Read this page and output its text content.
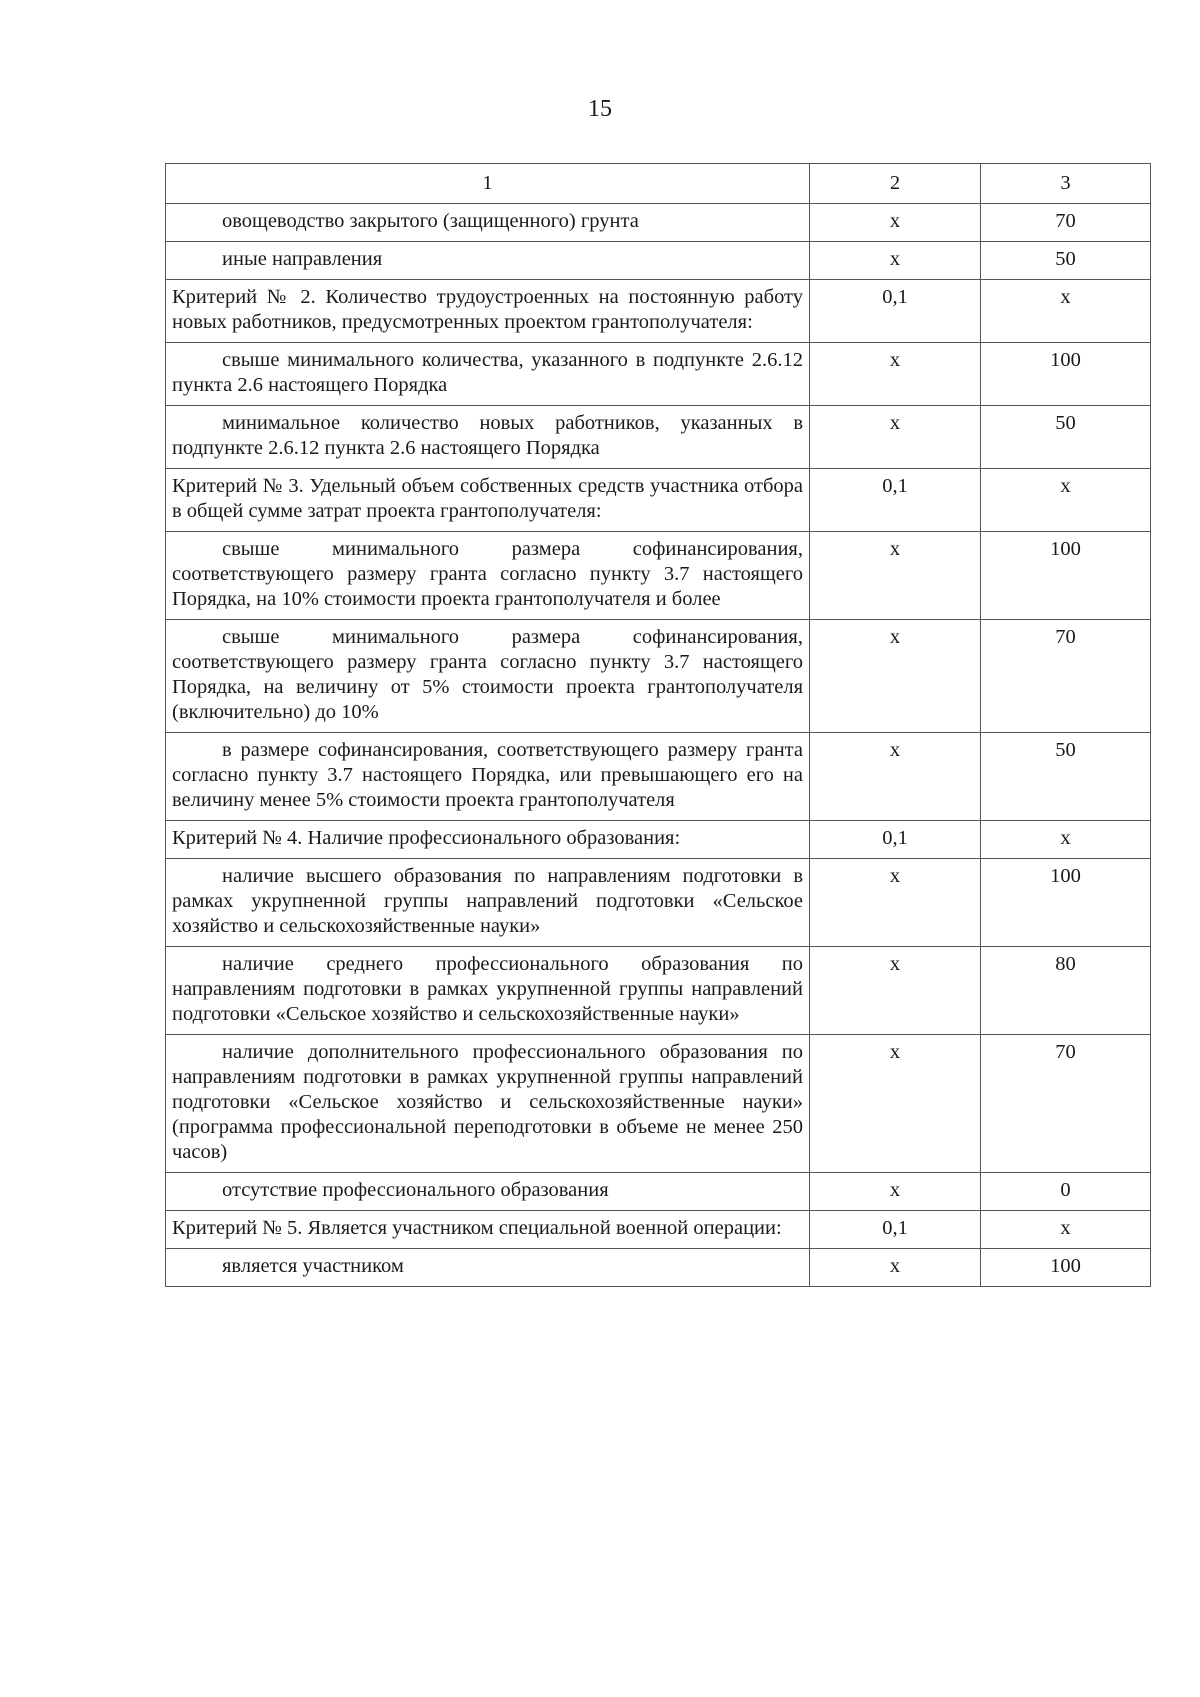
15
1	2	3
овощеводство закрытого (защищенного) грунта	х	70
иные направления	х	50
Критерий № 2. Количество трудоустроенных на постоянную работу новых работников, предусмотренных проектом грантополучателя:	0,1	х
свыше минимального количества, указанного в подпункте 2.6.12 пункта 2.6 настоящего Порядка	х	100
минимальное количество новых работников, указанных в подпункте 2.6.12 пункта 2.6 настоящего Порядка	х	50
Критерий № 3. Удельный объем собственных средств участника отбора в общей сумме затрат проекта грантополучателя:	0,1	х
свыше минимального размера софинансирования, соответствующего размеру гранта согласно пункту 3.7 настоящего Порядка, на 10% стоимости проекта грантополучателя и более	х	100
свыше минимального размера софинансирования, соответствующего размеру гранта согласно пункту 3.7 настоящего Порядка, на величину от 5% стоимости проекта грантополучателя (включительно) до 10%	х	70
в размере софинансирования, соответствующего размеру гранта согласно пункту 3.7 настоящего Порядка, или превышающего его на величину менее 5% стоимости проекта грантополучателя	х	50
Критерий № 4. Наличие профессионального образования:	0,1	х
наличие высшего образования по направлениям подготовки в рамках укрупненной группы направлений подготовки «Сельское хозяйство и сельскохозяйственные науки»	х	100
наличие среднего профессионального образования по направлениям подготовки в рамках укрупненной группы направлений подготовки «Сельское хозяйство и сельскохозяйственные науки»	х	80
наличие дополнительного профессионального образования по направлениям подготовки в рамках укрупненной группы направлений подготовки «Сельское хозяйство и сельскохозяйственные науки» (программа профессиональной переподготовки в объеме не менее 250 часов)	х	70
отсутствие профессионального образования	х	0
Критерий № 5. Является участником специальной военной операции:	0,1	х
является участником	х	100
